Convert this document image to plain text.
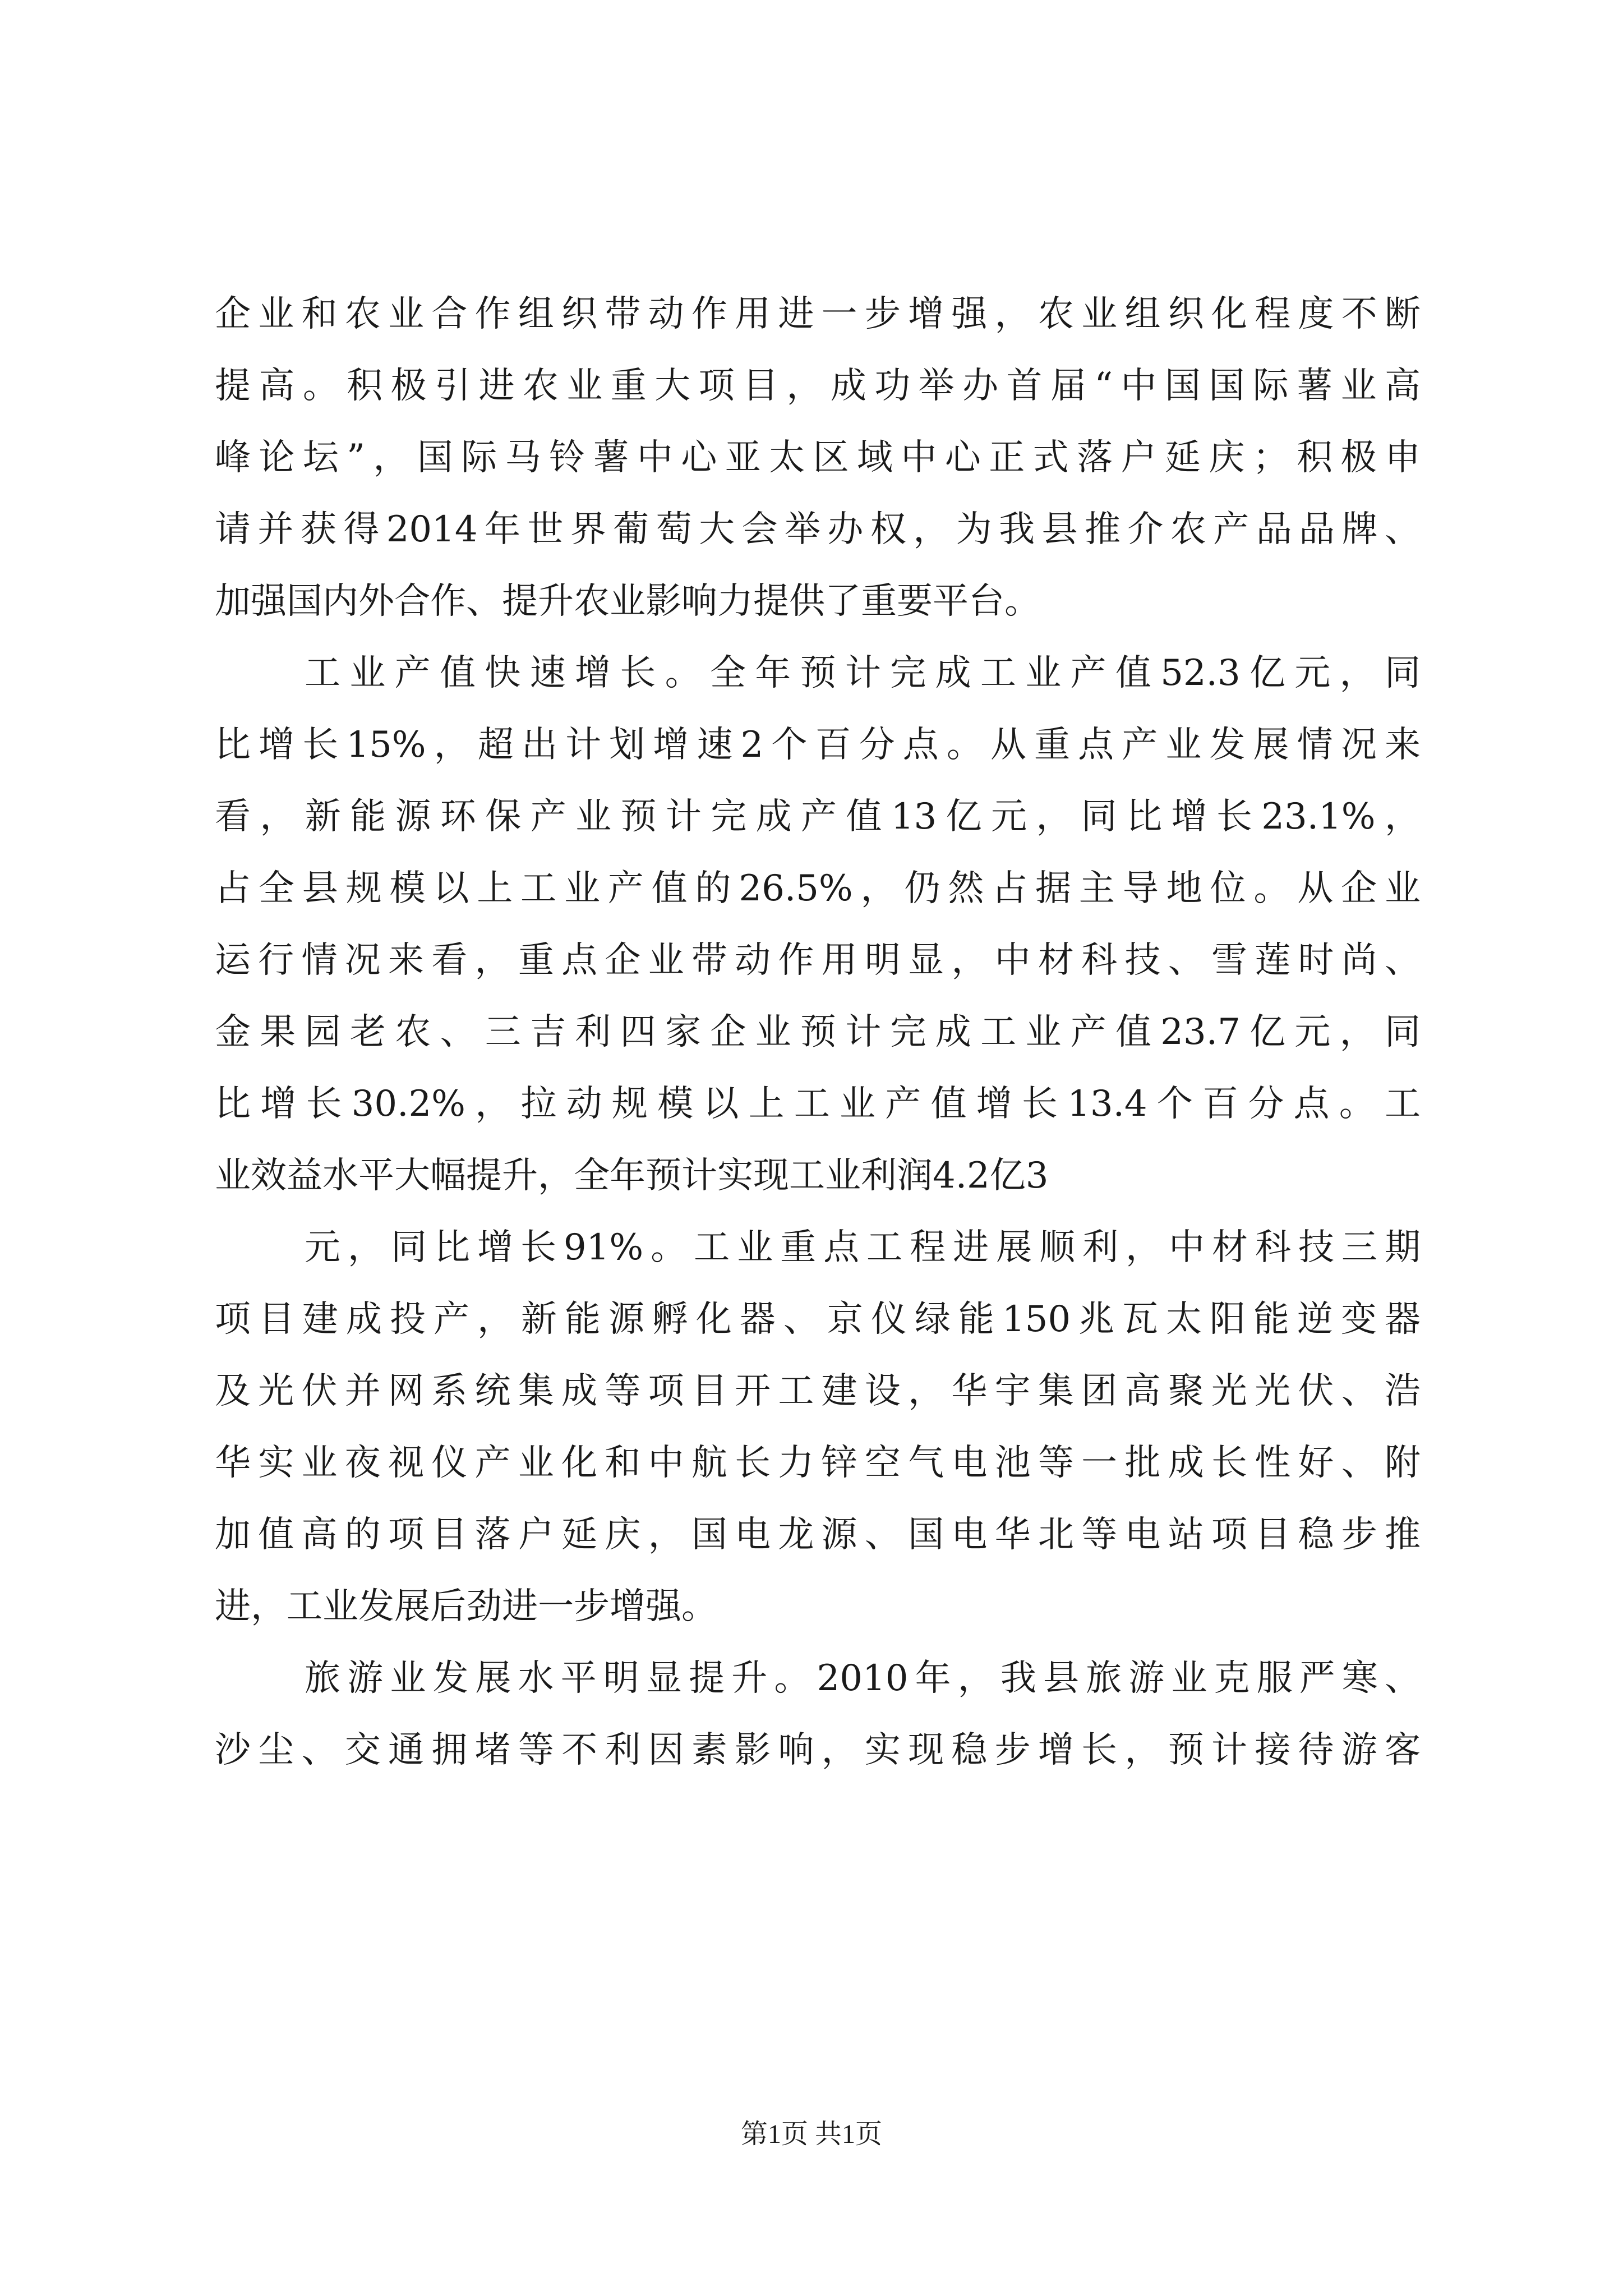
企业和农业合作组织带动作用进一步增强，农业组织化程度不断
提高。积极引进农业重大项目，成功举办首届“中国国际薯业高
峰论坛”，国际马铃薯中心亚太区域中心正式落户延庆；积极申
请并获得2014年世界葡萄大会举办权，为我县推介农产品品牌、
加强国内外合作、提升农业影响力提供了重要平台。
工业产值快速增长。全年预计完成工业产值52.3亿元，同
比增长15%，超出计划增速2个百分点。从重点产业发展情况来
看，新能源环保产业预计完成产值13亿元，同比增长23.1%，
占全县规模以上工业产值的26.5%，仍然占据主导地位。从企业
运行情况来看，重点企业带动作用明显，中材科技、雪莲时尚、
金果园老农、三吉利四家企业预计完成工业产值23.7亿元，同
比增长30.2%，拉动规模以上工业产值增长13.4个百分点。工
业效益水平大幅提升，全年预计实现工业利润4.2亿3
元，同比增长91%。工业重点工程进展顺利，中材科技三期
项目建成投产，新能源孵化器、京仪绿能150兆瓦太阳能逆变器
及光伏并网系统集成等项目开工建设，华宇集团高聚光光伏、浩
华实业夜视仪产业化和中航长力锌空气电池等一批成长性好、附
加值高的项目落户延庆，国电龙源、国电华北等电站项目稳步推
进，工业发展后劲进一步增强。
旅游业发展水平明显提升。2010年，我县旅游业克服严寒、
沙尘、交通拥堵等不利因素影响，实现稳步增长，预计接待游客
第1页 共1页
